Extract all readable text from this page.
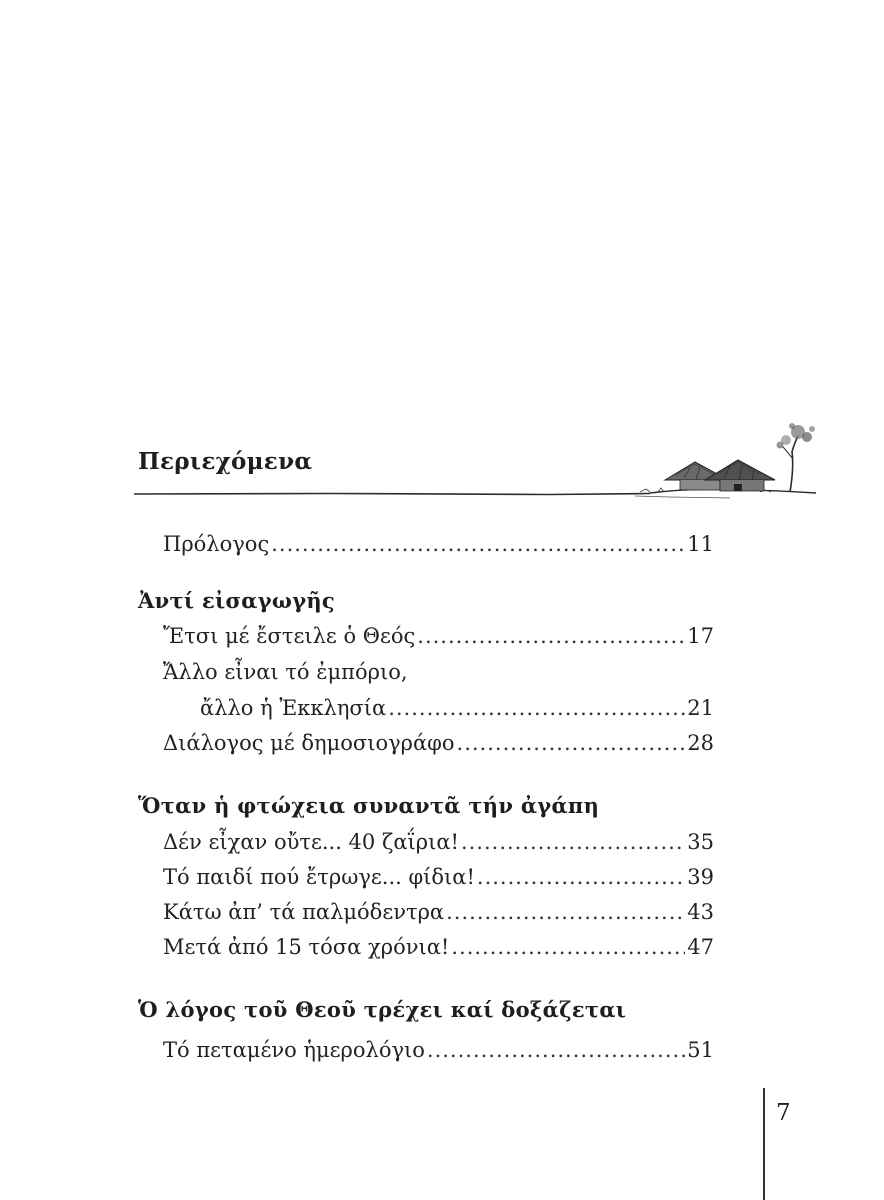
Περιεχόμενα
Πρόλογος .....	11
Ἀντί εἰσαγωγῆς
Ἔτσι μέ ἔστειλε ὁ Θεός .....	17
Ἄλλο εἶναι τό ἐμπόριο,
ἄλλο ἡ Ἐκκλησία .....	21
Διάλογος μέ δημοσιογράφο .....	28
Ὅταν ἡ φτώχεια συναντᾶ τήν ἀγάπη
Δέν εἶχαν οὔτε... 40 ζαΐρια! .....	35
Τό παιδί πού ἔτρωγε... φίδια! .....	39
Κάτω ἀπ’ τά παλμόδεντρα .....	43
Μετά ἀπό 15 τόσα χρόνια! .....	47
Ὁ λόγος τοῦ Θεοῦ τρέχει καί δοξάζεται
Τό πεταμένο ἡμερολόγιο .....	51
7
